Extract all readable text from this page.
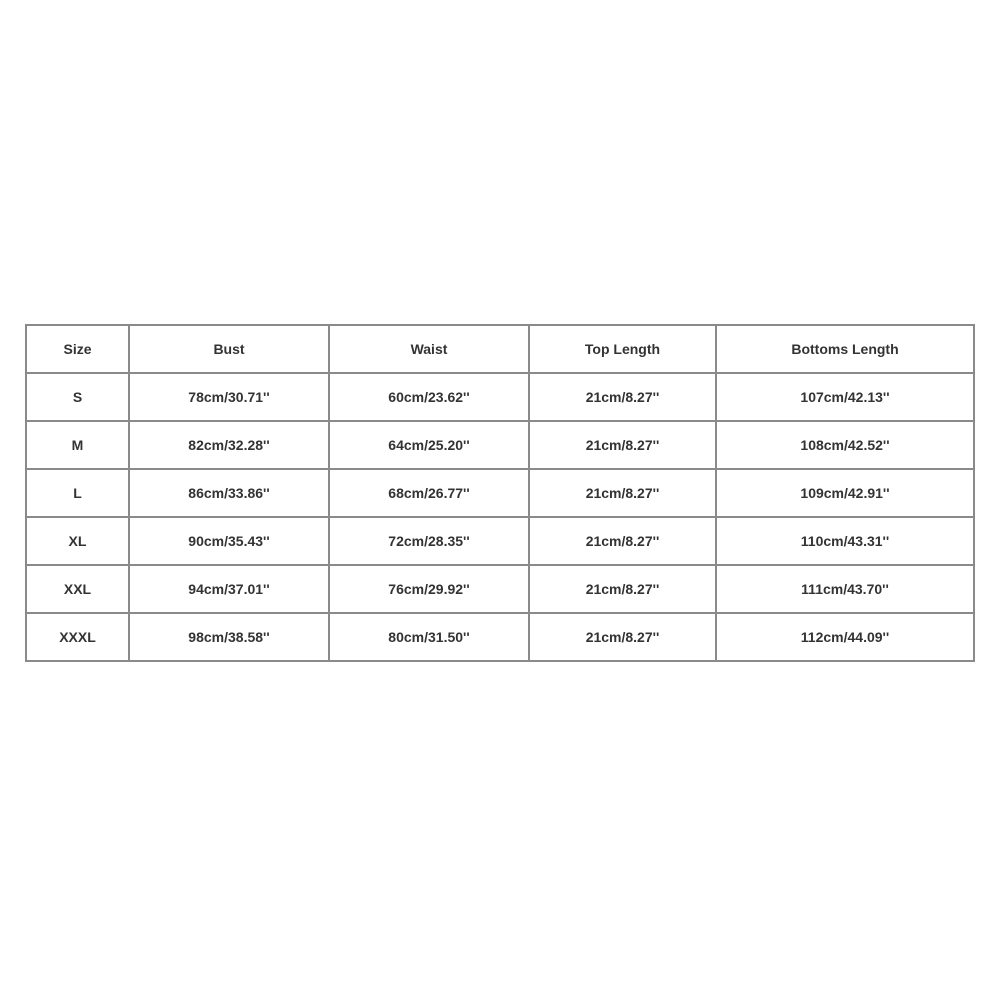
Size	Bust	Waist	Top Length	Bottoms Length
S	78cm/30.71''	60cm/23.62''	21cm/8.27''	107cm/42.13''
M	82cm/32.28''	64cm/25.20''	21cm/8.27''	108cm/42.52''
L	86cm/33.86''	68cm/26.77''	21cm/8.27''	109cm/42.91''
XL	90cm/35.43''	72cm/28.35''	21cm/8.27''	110cm/43.31''
XXL	94cm/37.01''	76cm/29.92''	21cm/8.27''	111cm/43.70''
XXXL	98cm/38.58''	80cm/31.50''	21cm/8.27''	112cm/44.09''
